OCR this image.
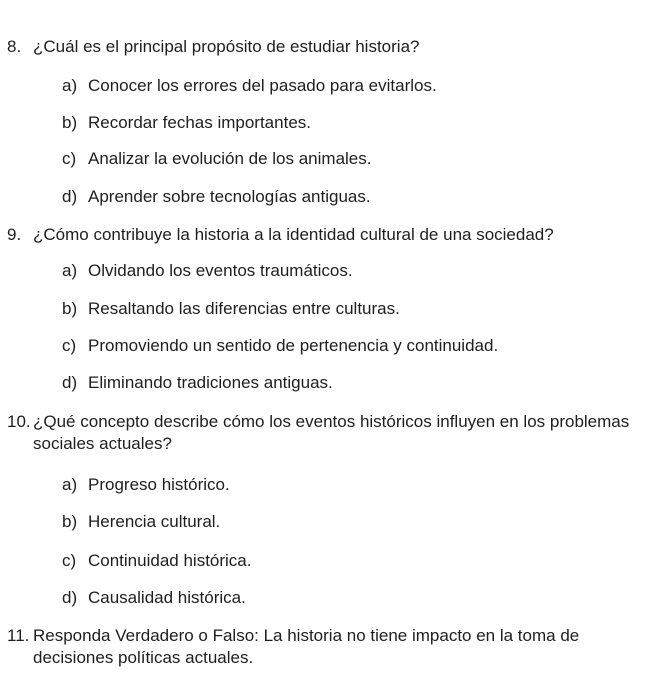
8. ¿Cuál es el principal propósito de estudiar historia?
a) Conocer los errores del pasado para evitarlos.
b) Recordar fechas importantes.
c) Analizar la evolución de los animales.
d) Aprender sobre tecnologías antiguas.
9. ¿Cómo contribuye la historia a la identidad cultural de una sociedad?
a) Olvidando los eventos traumáticos.
b) Resaltando las diferencias entre culturas.
c) Promoviendo un sentido de pertenencia y continuidad.
d) Eliminando tradiciones antiguas.
10. ¿Qué concepto describe cómo los eventos históricos influyen en los problemas sociales actuales?
a) Progreso histórico.
b) Herencia cultural.
c) Continuidad histórica.
d) Causalidad histórica.
11. Responda Verdadero o Falso: La historia no tiene impacto en la toma de decisiones políticas actuales.
